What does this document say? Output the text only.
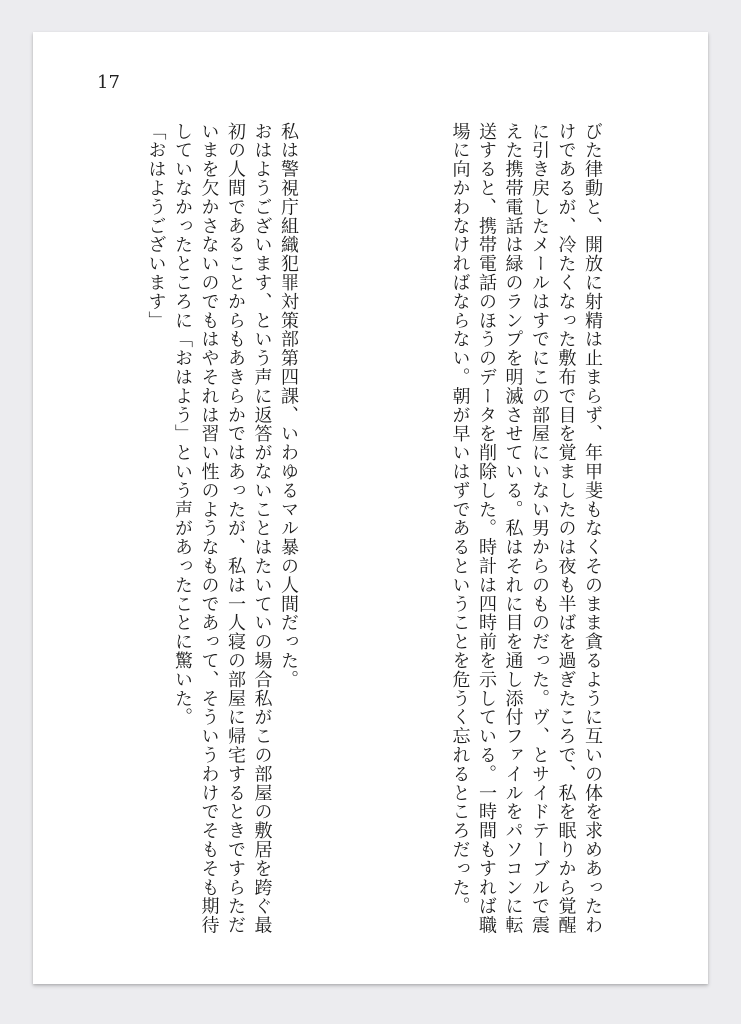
17

びた律動と、開放に射精は止まらず、年甲斐もなくそのまま貪るように互いの体を求めあったわけであるが、冷たくなった敷布で目を覚ましたのは夜も半ばを過ぎたころで、私を眠りから覚醒に引き戻したメールはすでにこの部屋にいない男からのものだった。ヴ、とサイドテーブルで震えた携帯電話は緑のランプを明滅させている。私はそれに目を通し添付ファイルをパソコンに転送すると、携帯電話のほうのデータを削除した。時計は四時前を示している。一時間もすれば職場に向かわなければならない。朝が早いはずであるということを危うく忘れるところだった。

私は警視庁組織犯罪対策部第四課、いわゆるマル暴の人間だった。

おはようございます、という声に返答がないことはたいていの場合私がこの部屋の敷居を跨ぐ最初の人間であることからもあきらかではあったが、私は一人寝の部屋に帰宅するときですらただいまを欠かさないのでもはやそれは習い性のようなものであって、そういうわけでそもそも期待していなかったところに「おはよう」という声があったことに驚いた。

「おはようございます」
